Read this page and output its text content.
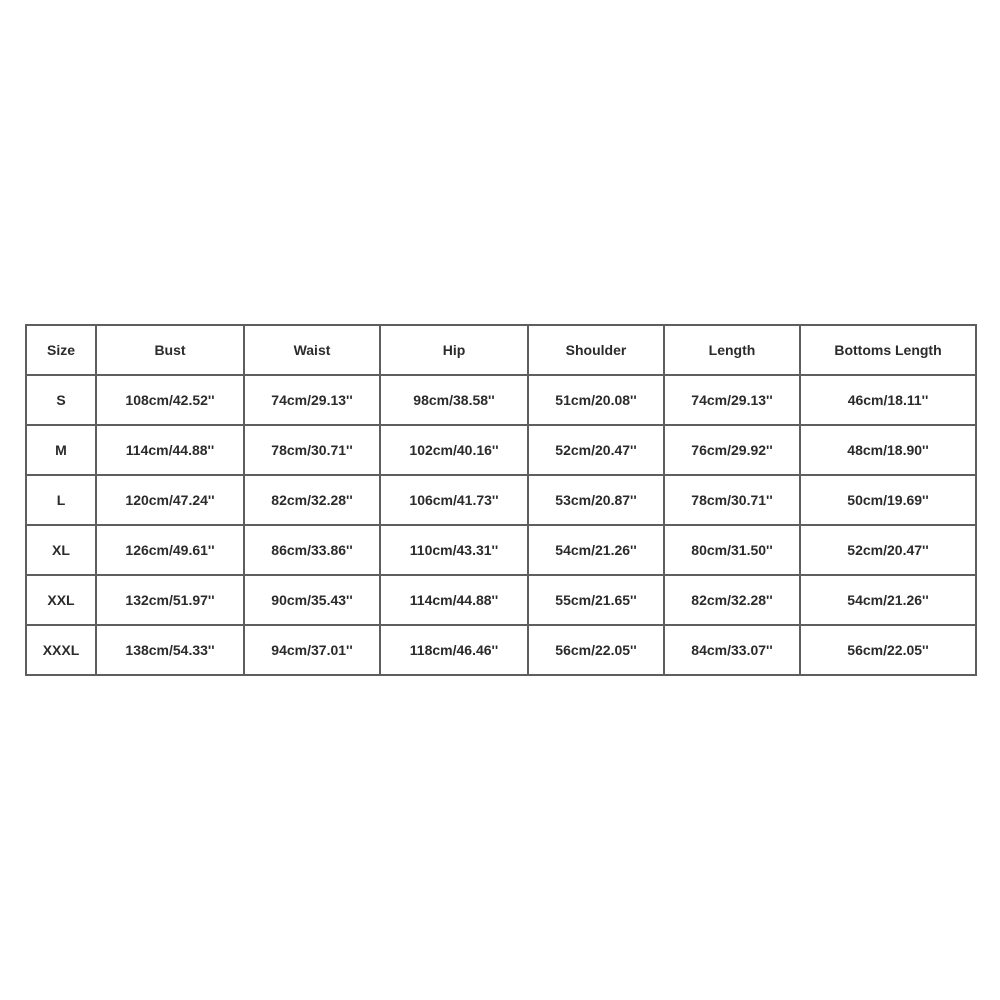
Size	Bust	Waist	Hip	Shoulder	Length	Bottoms Length
S	108cm/42.52''	74cm/29.13''	98cm/38.58''	51cm/20.08''	74cm/29.13''	46cm/18.11''
M	114cm/44.88''	78cm/30.71''	102cm/40.16''	52cm/20.47''	76cm/29.92''	48cm/18.90''
L	120cm/47.24''	82cm/32.28''	106cm/41.73''	53cm/20.87''	78cm/30.71''	50cm/19.69''
XL	126cm/49.61''	86cm/33.86''	110cm/43.31''	54cm/21.26''	80cm/31.50''	52cm/20.47''
XXL	132cm/51.97''	90cm/35.43''	114cm/44.88''	55cm/21.65''	82cm/32.28''	54cm/21.26''
XXXL	138cm/54.33''	94cm/37.01''	118cm/46.46''	56cm/22.05''	84cm/33.07''	56cm/22.05''
